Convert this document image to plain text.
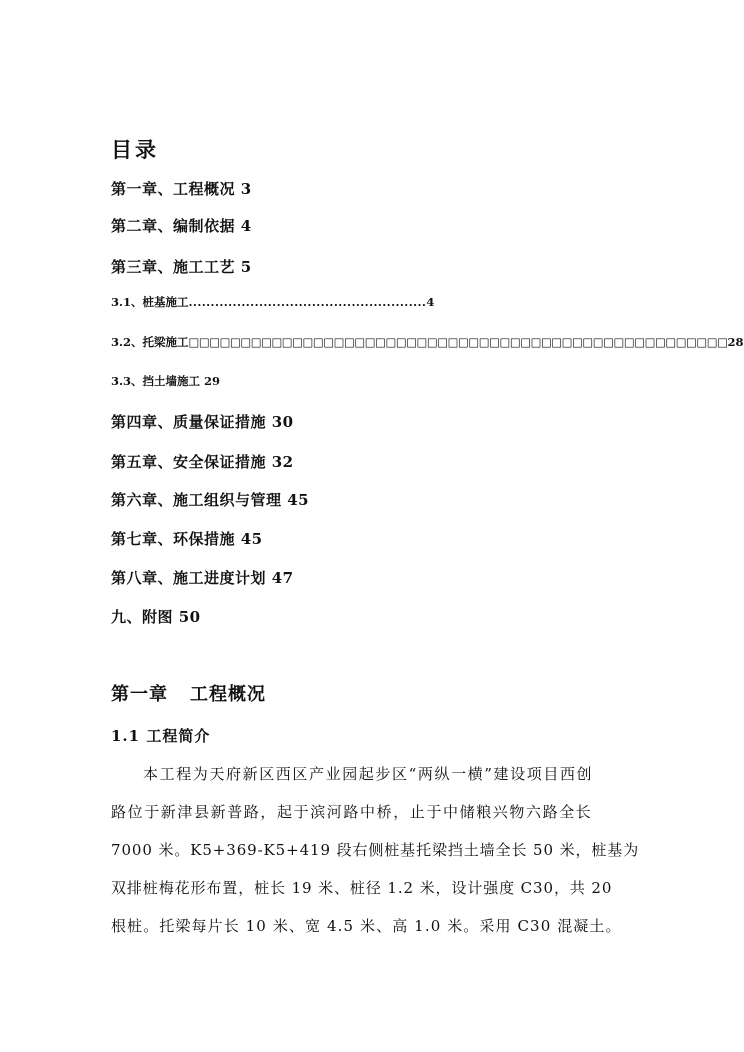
目录
第一章、工程概况 3
第二章、编制依据 4
第三章、施工工艺 5
3.1、桩基施工......................................................4
3.2、托梁施工□□□□□□□□□□□□□□□□□□□□□□□□□□□□□□□□□□□□□□□□□□□□□□□□□□□□28
3.3、挡土墙施工 29
第四章、质量保证措施 30
第五章、安全保证措施 32
第六章、施工组织与管理 45
第七章、环保措施 45
第八章、施工进度计划 47
九、附图 50
第一章 工程概况
1.1 工程简介
本工程为天府新区西区产业园起步区“两纵一横”建设项目西创
路位于新津县新普路，起于滨河路中桥，止于中储粮兴物六路全长
7000 米。K5+369-K5+419 段右侧桩基托梁挡土墙全长 50 米，桩基为
双排桩梅花形布置，桩长 19 米、桩径 1.2 米，设计强度 C30，共 20
根桩。托梁每片长 10 米、宽 4.5 米、高 1.0 米。采用 C30 混凝土。
